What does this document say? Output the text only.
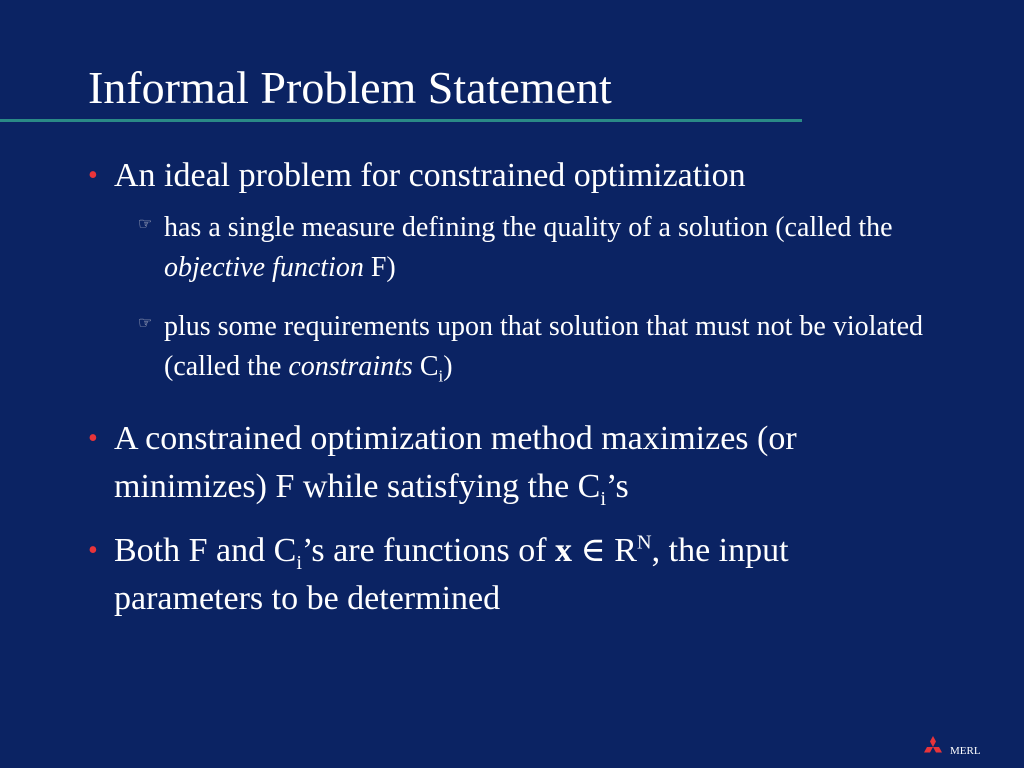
Informal Problem Statement
• An ideal problem for constrained optimization
☞ has a single measure defining the quality of a solution (called the objective function F)
☞ plus some requirements upon that solution that must not be violated (called the constraints $C_i$)
• A constrained optimization method maximizes (or minimizes) F while satisfying the $C_i’s$
• Both F and $C_i’s$ are functions of x ∈ $R^N$, the input parameters to be determined
MERL
